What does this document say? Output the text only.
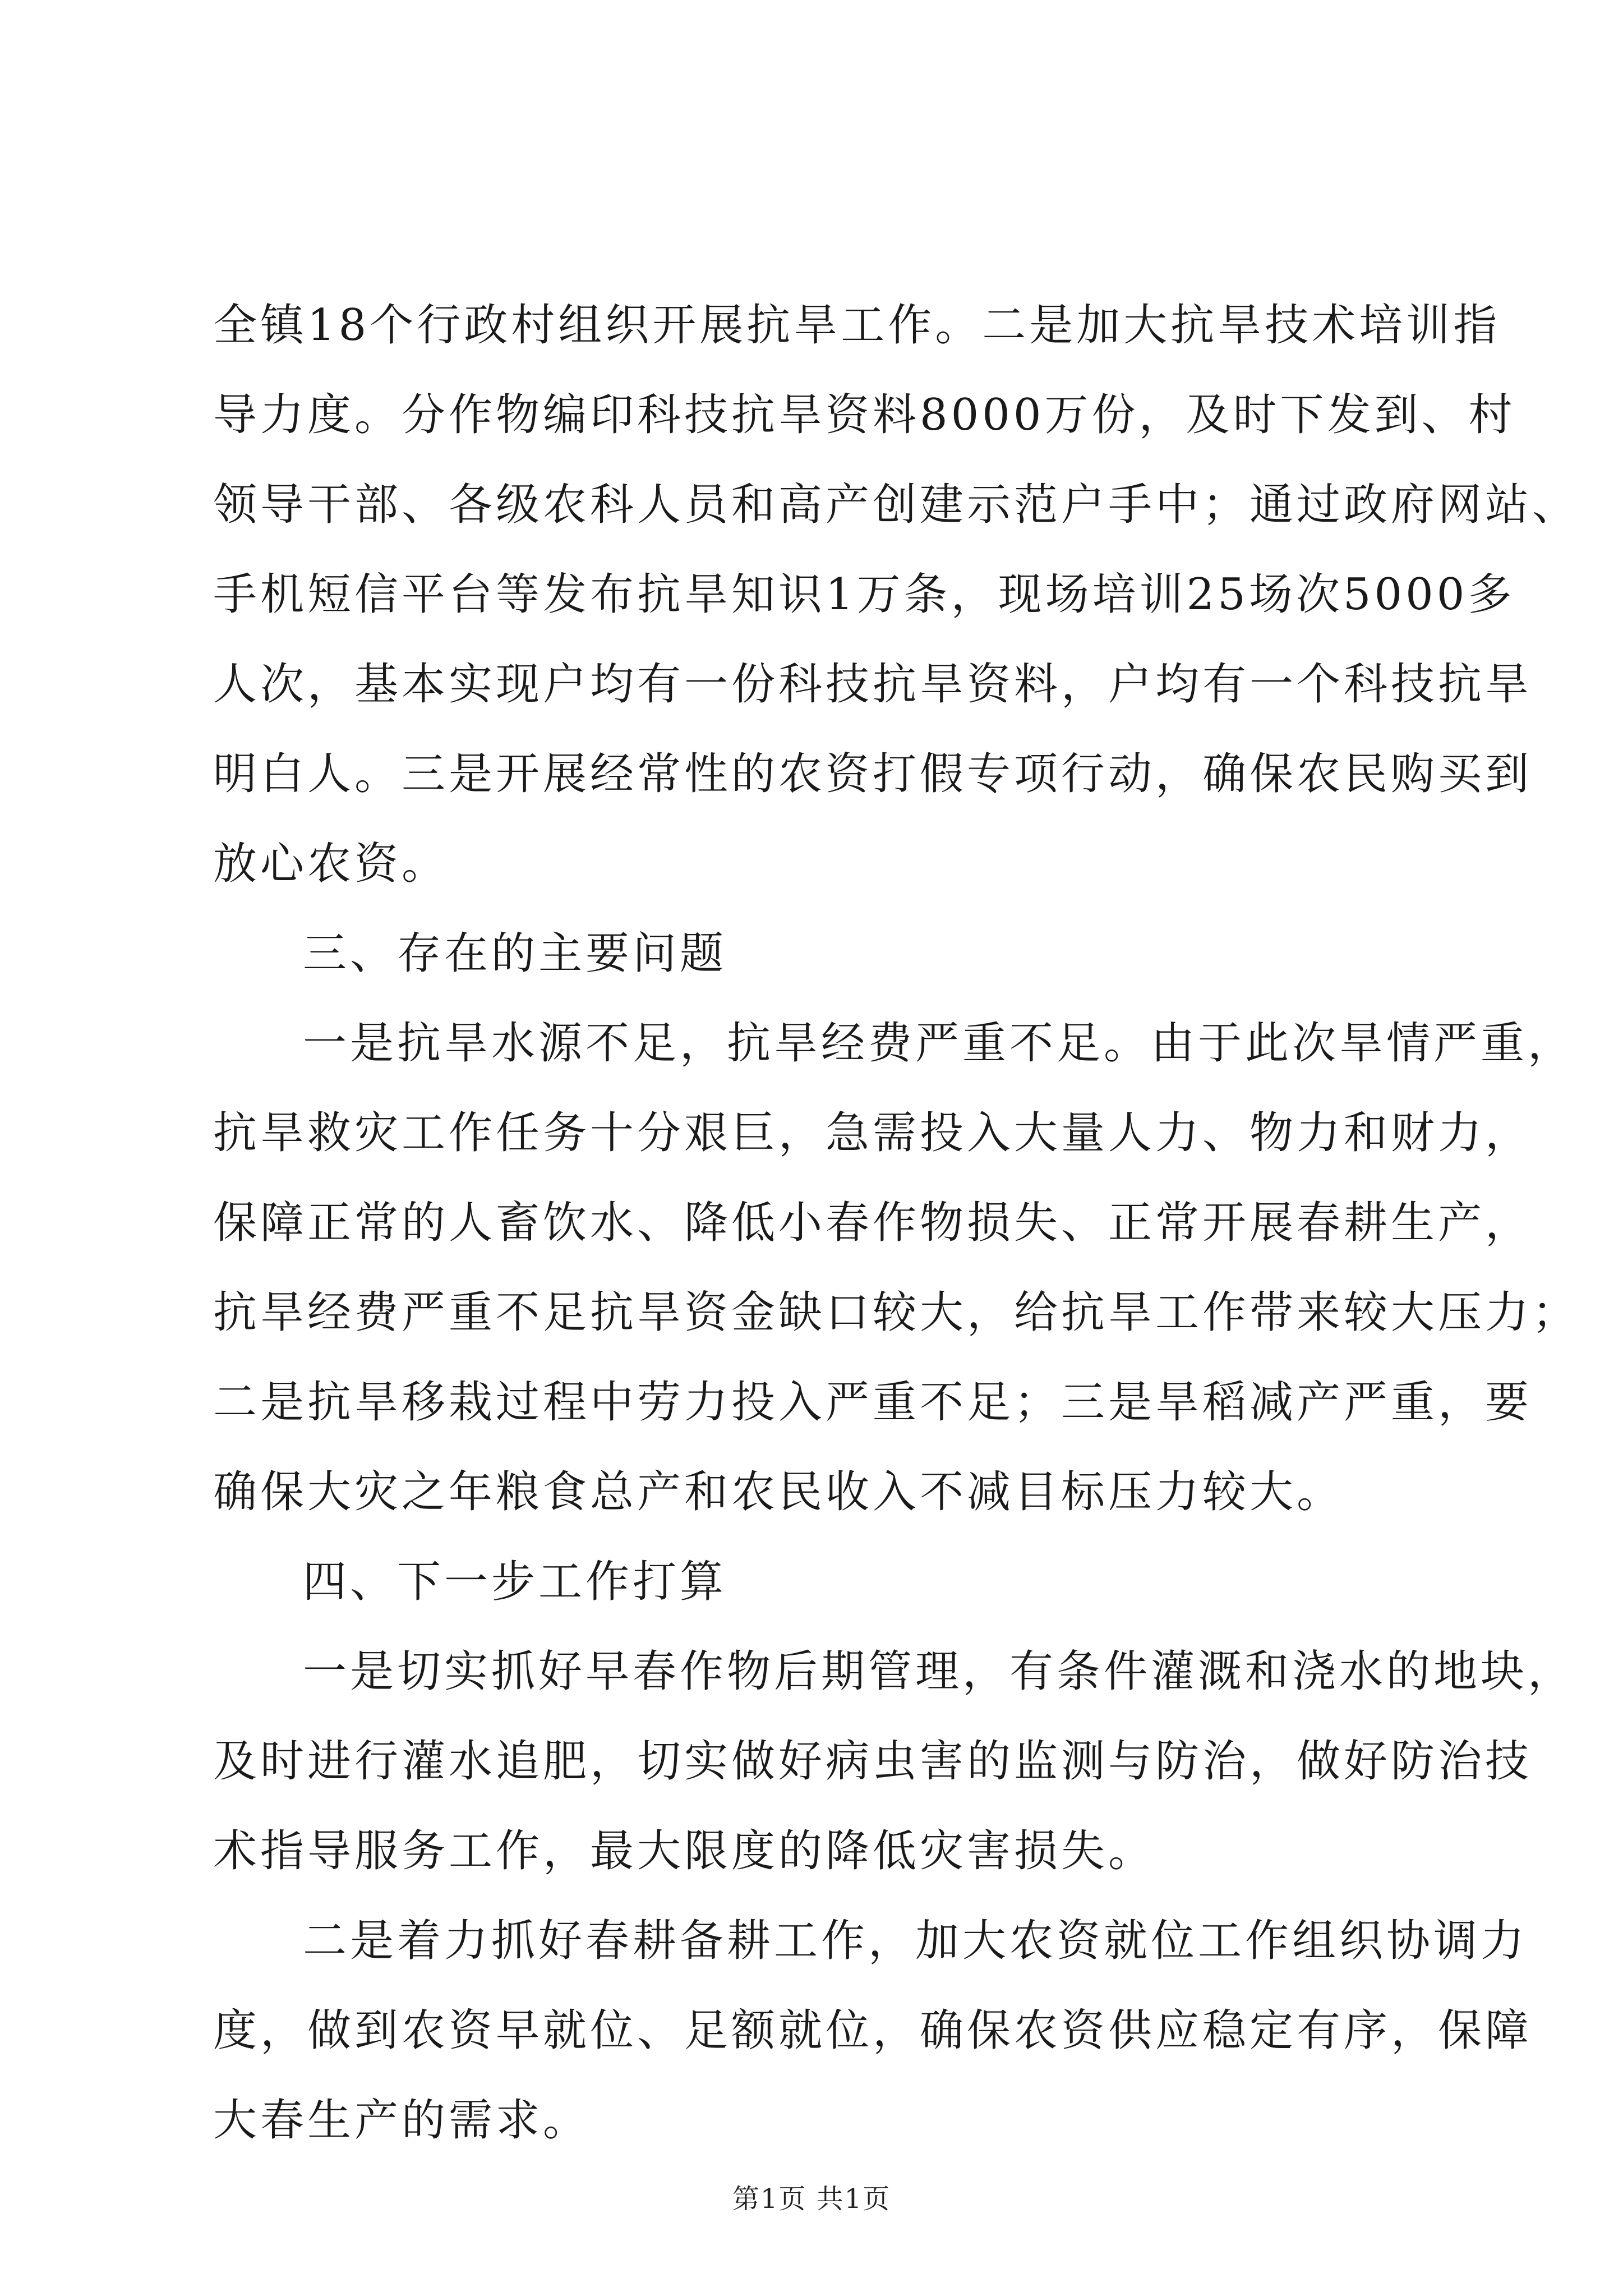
全镇18个行政村组织开展抗旱工作。二是加大抗旱技术培训指
导力度。分作物编印科技抗旱资料8000万份，及时下发到、村
领导干部、各级农科人员和高产创建示范户手中；通过政府网站、
手机短信平台等发布抗旱知识1万条，现场培训25场次5000多
人次，基本实现户均有一份科技抗旱资料，户均有一个科技抗旱
明白人。三是开展经常性的农资打假专项行动，确保农民购买到
放心农资。
三、存在的主要问题
一是抗旱水源不足，抗旱经费严重不足。由于此次旱情严重，
抗旱救灾工作任务十分艰巨，急需投入大量人力、物力和财力，
保障正常的人畜饮水、降低小春作物损失、正常开展春耕生产，
抗旱经费严重不足抗旱资金缺口较大，给抗旱工作带来较大压力；
二是抗旱移栽过程中劳力投入严重不足；三是旱稻减产严重，要
确保大灾之年粮食总产和农民收入不减目标压力较大。
四、下一步工作打算
一是切实抓好早春作物后期管理，有条件灌溉和浇水的地块，
及时进行灌水追肥，切实做好病虫害的监测与防治，做好防治技
术指导服务工作，最大限度的降低灾害损失。
二是着力抓好春耕备耕工作，加大农资就位工作组织协调力
度，做到农资早就位、足额就位，确保农资供应稳定有序，保障
大春生产的需求。
第1页 共1页
